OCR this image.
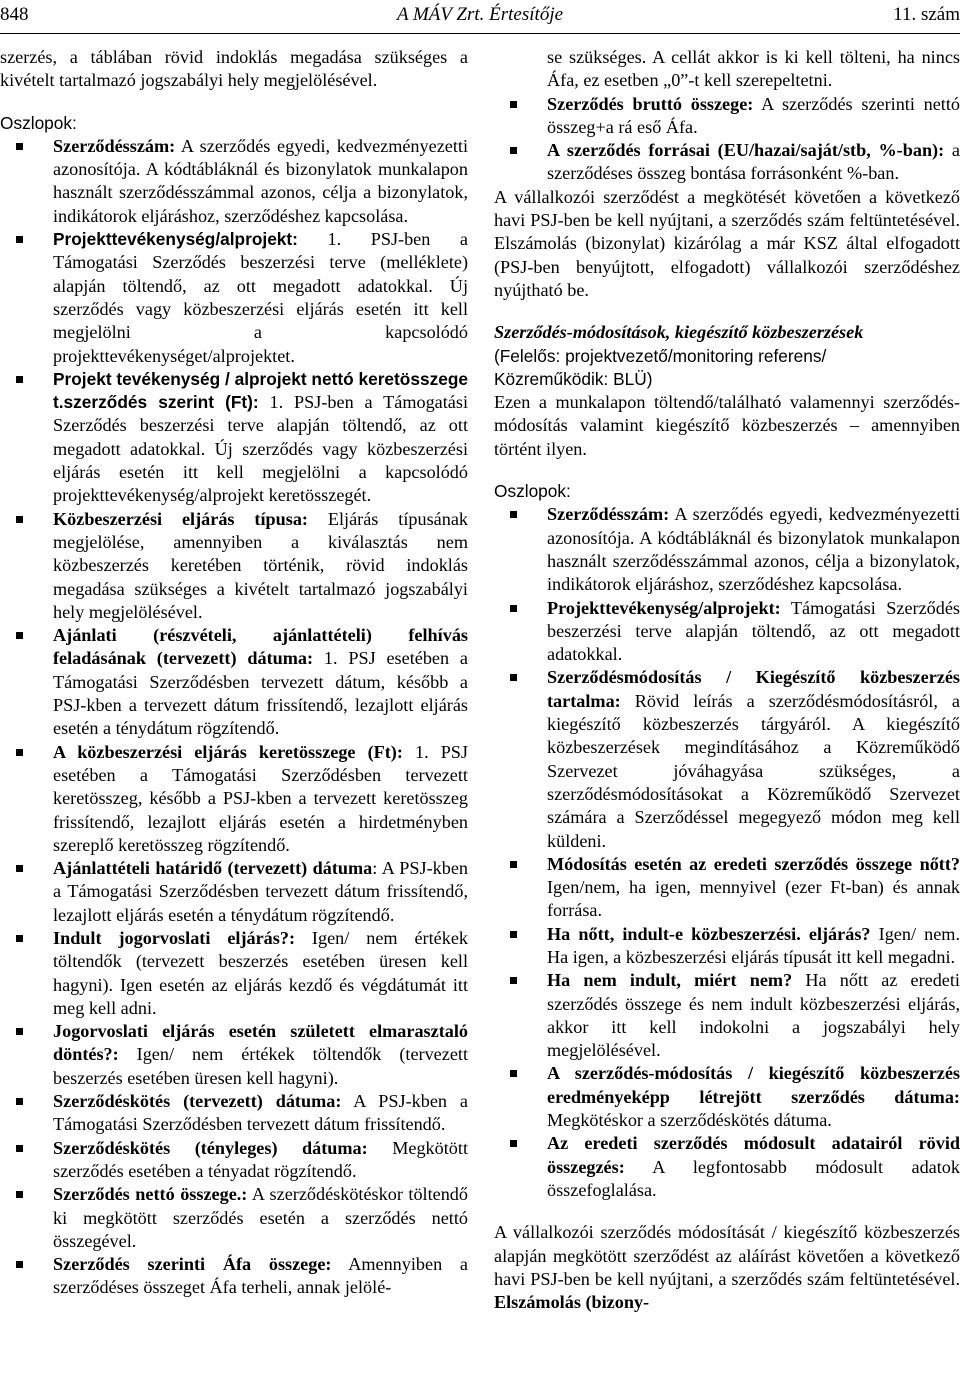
848	A MÁV Zrt. Értesítője	11. szám

szerzés, a táblában rövid indoklás megadása szükséges a kivételt tartalmazó jogszabályi hely megjelölésével.

Oszlopok:

Szerződésszám: A szerződés egyedi, kedvezményezetti azonosítója. A kódtábláknál és bizonylatok munkalapon használt szerződésszámmal azonos, célja a bizonylatok, indikátorok eljáráshoz, szerződéshez kapcsolása.

Projekttevékenység/alprojekt: 1. PSJ-ben a Támogatási Szerződés beszerzési terve (melléklete) alapján töltendő, az ott megadott adatokkal. Új szerződés vagy közbeszerzési eljárás esetén itt kell megjelölni a kapcsolódó projekttevékenységet/alprojektet.

Projekt tevékenység / alprojekt nettó keretösszege t.szerződés szerint (Ft): 1. PSJ-ben a Támogatási Szerződés beszerzési terve alapján töltendő, az ott megadott adatokkal. Új szerződés vagy közbeszerzési eljárás esetén itt kell megjelölni a kapcsolódó projekttevékenység/alprojekt keretösszegét.

Közbeszerzési eljárás típusa: Eljárás típusának megjelölése, amennyiben a kiválasztás nem közbeszerzés keretében történik, rövid indoklás megadása szükséges a kivételt tartalmazó jogszabályi hely megjelölésével.

Ajánlati (részvételi, ajánlattételi) felhívás feladásának (tervezett) dátuma: 1. PSJ esetében a Támogatási Szerződésben tervezett dátum, később a PSJ-kben a tervezett dátum frissítendő, lezajlott eljárás esetén a ténydátum rögzítendő.

A közbeszerzési eljárás keretösszege (Ft): 1. PSJ esetében a Támogatási Szerződésben tervezett keretösszeg, később a PSJ-kben a tervezett keretösszeg frissítendő, lezajlott eljárás esetén a hirdetményben szereplő keretösszeg rögzítendő.

Ajánlattételi határidő (tervezett) dátuma: A PSJ-kben a Támogatási Szerződésben tervezett dátum frissítendő, lezajlott eljárás esetén a ténydátum rögzítendő.

Indult jogorvoslati eljárás?: Igen/ nem értékek töltendők (tervezett beszerzés esetében üresen kell hagyni). Igen esetén az eljárás kezdő és végdátumát itt meg kell adni.

Jogorvoslati eljárás esetén született elmarasztaló döntés?: Igen/ nem értékek töltendők (tervezett beszerzés esetében üresen kell hagyni).

Szerződéskötés (tervezett) dátuma: A PSJ-kben a Támogatási Szerződésben tervezett dátum frissítendő.

Szerződéskötés (tényleges) dátuma: Megkötött szerződés esetében a tényadat rögzítendő.

Szerződés nettó összege.: A szerződéskötéskor töltendő ki megkötött szerződés esetén a szerződés nettó összegével.

Szerződés szerinti Áfa összege: Amennyiben a szerződéses összeget Áfa terheli, annak jelölé-

se szükséges. A cellát akkor is ki kell tölteni, ha nincs Áfa, ez esetben „0”-t kell szerepeltetni.

Szerződés bruttó összege: A szerződés szerinti nettó összeg+a rá eső Áfa.

A szerződés forrásai (EU/hazai/saját/stb, %-ban): a szerződéses összeg bontása forrásonként %-ban.

A vállalkozói szerződést a megkötését követően a következő havi PSJ-ben be kell nyújtani, a szerződés szám feltüntetésével. Elszámolás (bizonylat) kizárólag a már KSZ által elfogadott (PSJ-ben benyújtott, elfogadott) vállalkozói szerződéshez nyújtható be.

Szerződés-módosítások, kiegészítő közbeszerzések

(Felelős: projektvezető/monitoring referens/

Közreműködik: BLÜ)

Ezen a munkalapon töltendő/található valamennyi szerződés-módosítás valamint kiegészítő közbeszerzés – amennyiben történt ilyen.

Oszlopok:

Szerződésszám: A szerződés egyedi, kedvezményezetti azonosítója. A kódtábláknál és bizonylatok munkalapon használt szerződésszámmal azonos, célja a bizonylatok, indikátorok eljáráshoz, szerződéshez kapcsolása.

Projekttevékenység/alprojekt: Támogatási Szerződés beszerzési terve alapján töltendő, az ott megadott adatokkal.

Szerződésmódosítás / Kiegészítő közbeszerzés tartalma: Rövid leírás a szerződésmódosításról, a kiegészítő közbeszerzés tárgyáról. A kiegészítő közbeszerzések megindításához a Közreműködő Szervezet jóváhagyása szükséges, a szerződésmódosításokat a Közreműködő Szervezet számára a Szerződéssel megegyező módon meg kell küldeni.

Módosítás esetén az eredeti szerződés összege nőtt? Igen/nem, ha igen, mennyivel (ezer Ft-ban) és annak forrása.

Ha nőtt, indult-e közbeszerzési. eljárás? Igen/ nem. Ha igen, a közbeszerzési eljárás típusát itt kell megadni.

Ha nem indult, miért nem? Ha nőtt az eredeti szerződés összege és nem indult közbeszerzési eljárás, akkor itt kell indokolni a jogszabályi hely megjelölésével.

A szerződés-módosítás / kiegészítő közbeszerzés eredményeképp létrejött szerződés dátuma: Megkötéskor a szerződéskötés dátuma.

Az eredeti szerződés módosult adatairól rövid összegzés: A legfontosabb módosult adatok összefoglalása.

A vállalkozói szerződés módosítását / kiegészítő közbeszerzés alapján megkötött szerződést az aláírást követően a következő havi PSJ-ben be kell nyújtani, a szerződés szám feltüntetésével. Elszámolás (bizony-
